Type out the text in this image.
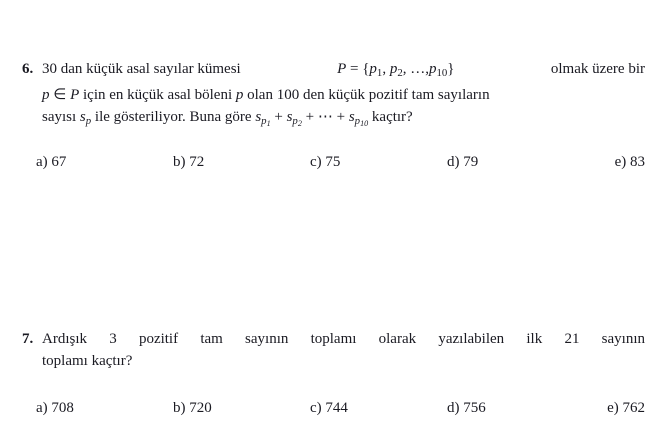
6. 30 dan küçük asal sayılar kümesi	$P = \{p_1$, $p_2$, $\dots,p_{10}$}	olmak üzere bir
p ∈ P için en küçük asal böleni p olan 100 den küçük pozitif tam sayıların
sayısı $s_p$ ile gösteriliyor. Buna göre $s_{p1} + s_{p2}$ + ⋯ + $s_{p10}$ kaçtır?
a) 67	b) 72	c) 75	d) 79	e) 83
7. Ardışık 3 pozitif tam sayının toplamı olarak yazılabilen ilk 21 sayının
toplamı kaçtır?
a) 708	b) 720	c) 744	d) 756	e) 762
